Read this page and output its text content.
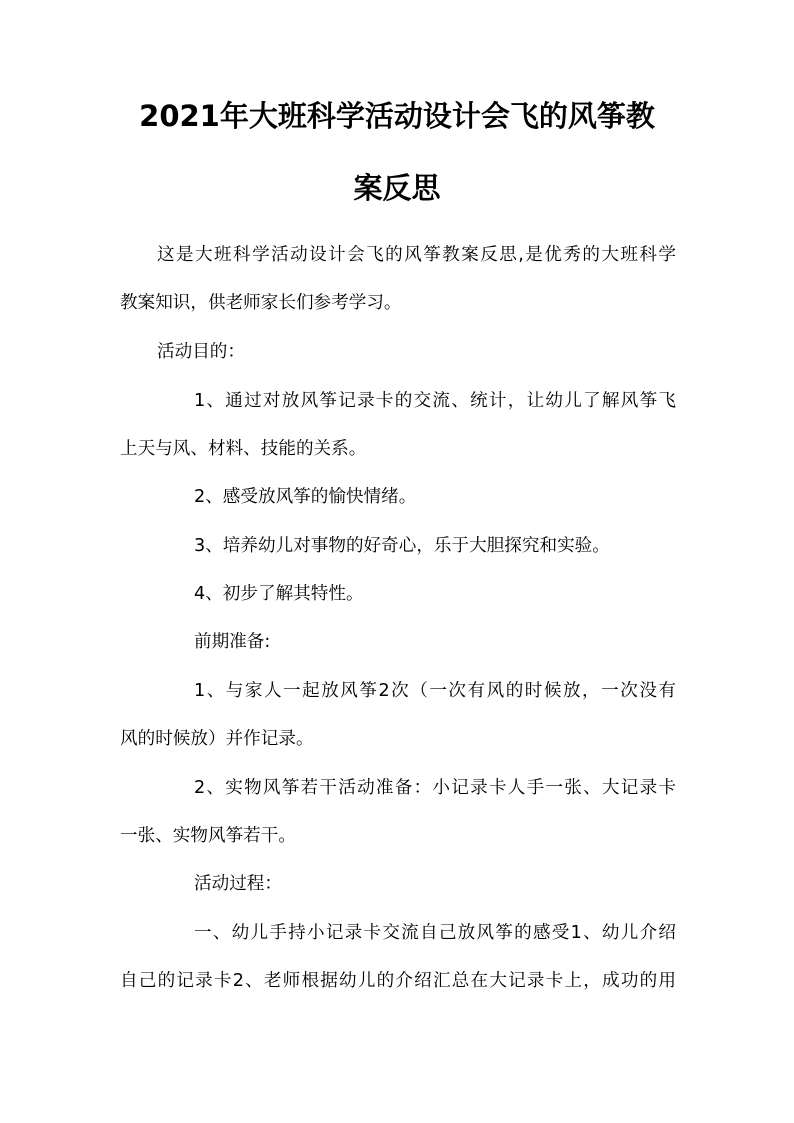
2021年大班科学活动设计会飞的风筝教
案反思
这是大班科学活动设计会飞的风筝教案反思,是优秀的大班科学
教案知识，供老师家长们参考学习。
活动目的：
1、通过对放风筝记录卡的交流、统计，让幼儿了解风筝飞
上天与风、材料、技能的关系。
2、感受放风筝的愉快情绪。
3、培养幼儿对事物的好奇心，乐于大胆探究和实验。
4、初步了解其特性。
前期准备:
1、与家人一起放风筝2次（一次有风的时候放，一次没有
风的时候放）并作记录。
2、实物风筝若干活动准备：小记录卡人手一张、大记录卡
一张、实物风筝若干。
活动过程：
一、幼儿手持小记录卡交流自己放风筝的感受1、幼儿介绍
自己的记录卡2、老师根据幼儿的介绍汇总在大记录卡上，成功的用
